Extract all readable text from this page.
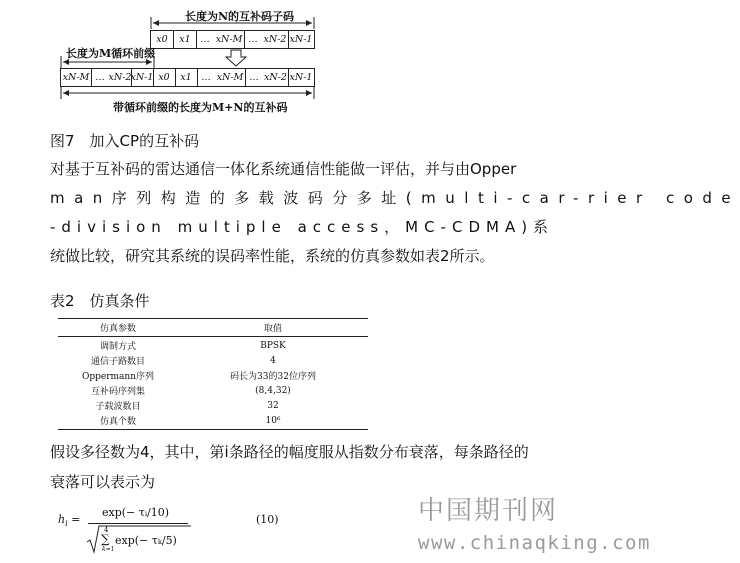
长度为N的互补码子码
x0	x1	… xN-M … xN-2 xN-1
长度为M循环前缀
xN-M … xN-2 xN-1 x0	x1	… xN-M … xN-2 xN-1
带循环前缀的长度为M+N的互补码
图7　加入CP的互补码
对基于互补码的雷达通信一体化系统通信性能做一评估，并与由Opper
man序列构造的多载波码分多址(multi-car-rier code
-division multiple access，MC-CDMA)系
统做比较，研究其系统的误码率性能，系统的仿真参数如表2所示。
表2　仿真条件
仿真参数	取值
调制方式	BPSK
通信子路数目	4
Oppermann序列	码长为33的32位序列
互补码序列集	(8,4,32)
子载波数目	32
仿真个数	10⁶
假设多径数为4，其中，第i条路径的幅度服从指数分布衰落，每条路径的
衰落可以表示为
$h_i$ =
exp(− τᵢ/10)
4
∑
k=1
exp(− τₖ/5)
(10)	中国期刊网
www.chinaqking.com
